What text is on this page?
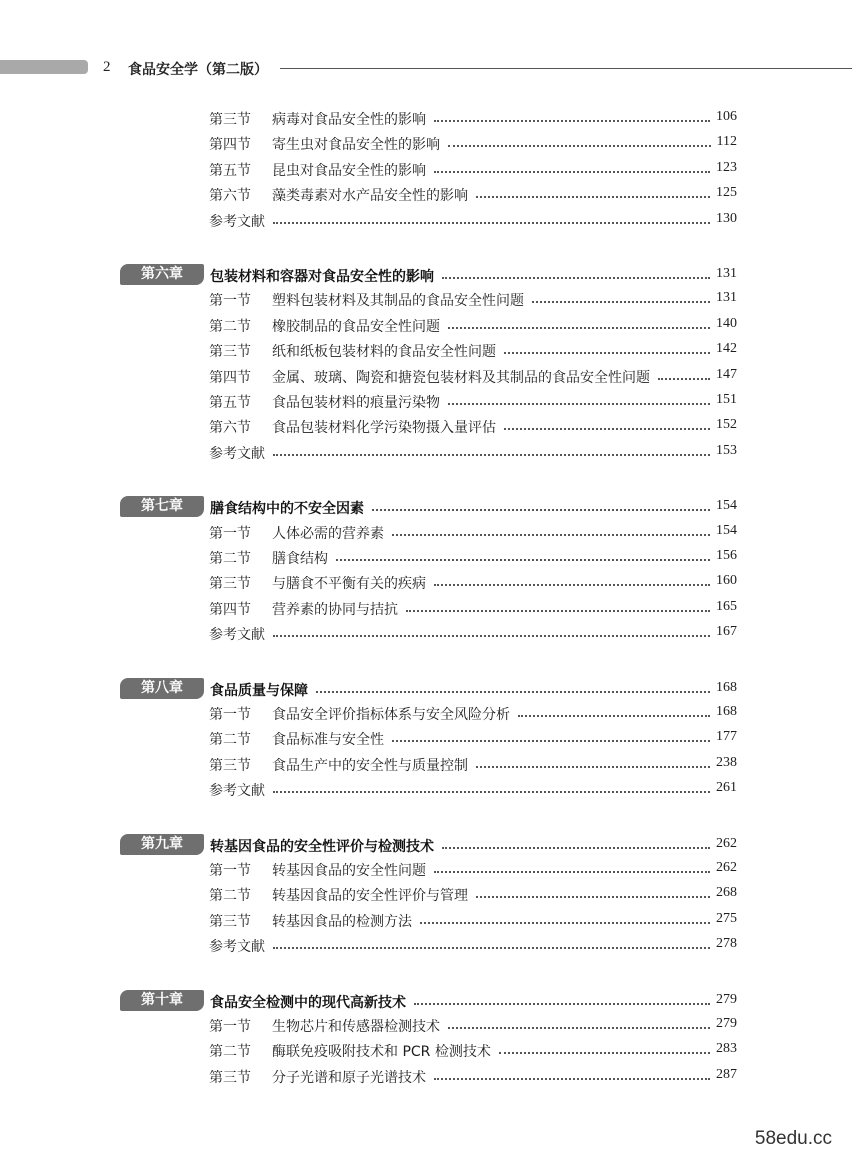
2 食品安全学（第二版）
第三节 病毒对食品安全性的影响	106
第四节 寄生虫对食品安全性的影响	112
第五节 昆虫对食品安全性的影响	123
第六节 藻类毒素对水产品安全性的影响	125
参考文献	130
第六章	包装材料和容器对食品安全性的影响	131
第一节 塑料包装材料及其制品的食品安全性问题	131
第二节 橡胶制品的食品安全性问题	140
第三节 纸和纸板包装材料的食品安全性问题	142
第四节 金属、玻璃、陶瓷和搪瓷包装材料及其制品的食品安全性问题	147
第五节 食品包装材料的痕量污染物	151
第六节 食品包装材料化学污染物摄入量评估	152
参考文献	153
第七章	膳食结构中的不安全因素	154
第一节 人体必需的营养素	154
第二节 膳食结构	156
第三节 与膳食不平衡有关的疾病	160
第四节 营养素的协同与拮抗	165
参考文献	167
第八章	食品质量与保障	168
第一节 食品安全评价指标体系与安全风险分析	168
第二节 食品标准与安全性	177
第三节 食品生产中的安全性与质量控制	238
参考文献	261
第九章	转基因食品的安全性评价与检测技术	262
第一节 转基因食品的安全性问题	262
第二节 转基因食品的安全性评价与管理	268
第三节 转基因食品的检测方法	275
参考文献	278
第十章	食品安全检测中的现代高新技术	279
第一节 生物芯片和传感器检测技术	279
第二节 酶联免疫吸附技术和 PCR 检测技术	283
第三节 分子光谱和原子光谱技术	287
58edu.cc
